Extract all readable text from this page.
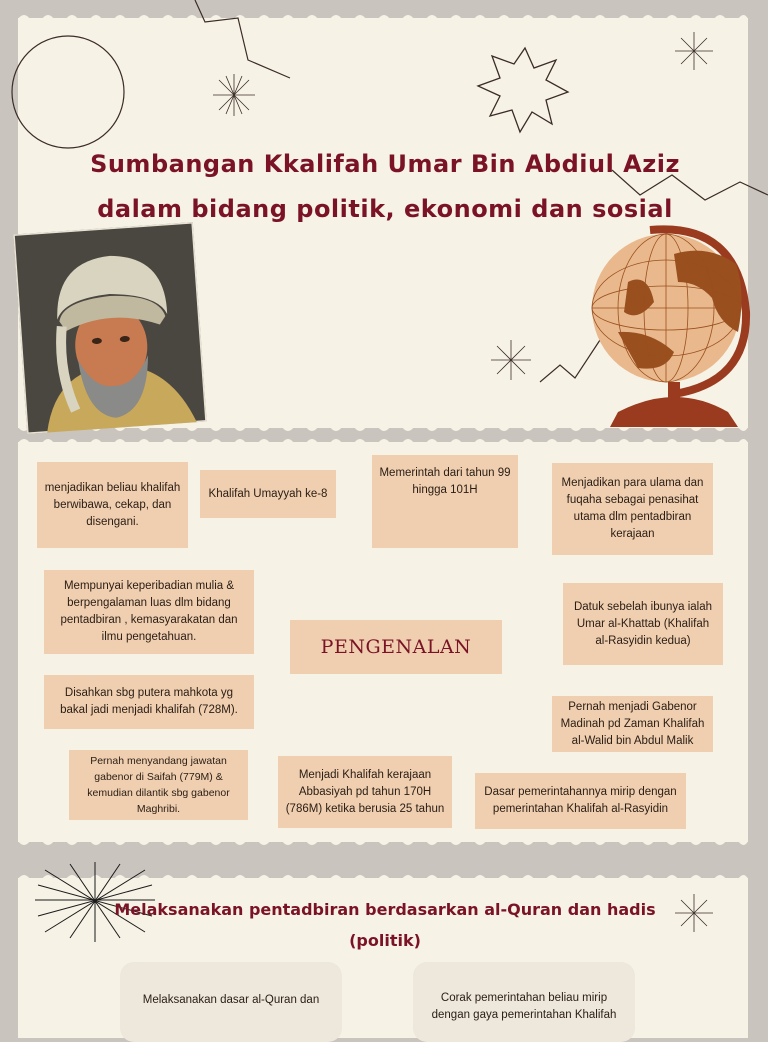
Sumbangan Kkalifah Umar Bin Abdiul Aziz dalam bidang politik, ekonomi dan sosial
menjadikan beliau khalifah berwibawa, cekap, dan disengani.
Khalifah Umayyah ke-8
Memerintah dari tahun 99 hingga 101H
Menjadikan para ulama dan fuqaha sebagai penasihat utama dlm pentadbiran kerajaan
Mempunyai keperibadian mulia & berpengalaman luas dlm bidang pentadbiran , kemasyarakatan dan ilmu pengetahuan.
Datuk sebelah ibunya ialah Umar al-Khattab (Khalifah al-Rasyidin kedua)
PENGENALAN
Disahkan sbg putera mahkota yg bakal jadi menjadi khalifah (728M).	Pernah menjadi Gabenor Madinah pd Zaman Khalifah al-Walid bin Abdul Malik
Pernah menyandang jawatan gabenor di Saifah (779M) & kemudian dilantik sbg gabenor Maghribi.
Menjadi Khalifah kerajaan Abbasiyah pd tahun 170H (786M) ketika berusia 25 tahun
Dasar pemerintahannya mirip dengan pemerintahan Khalifah al-Rasyidin
Melaksanakan pentadbiran berdasarkan al-Quran dan hadis (politik)
Melaksanakan dasar al-Quran dan	Corak pemerintahan beliau mirip dengan gaya pemerintahan Khalifah
